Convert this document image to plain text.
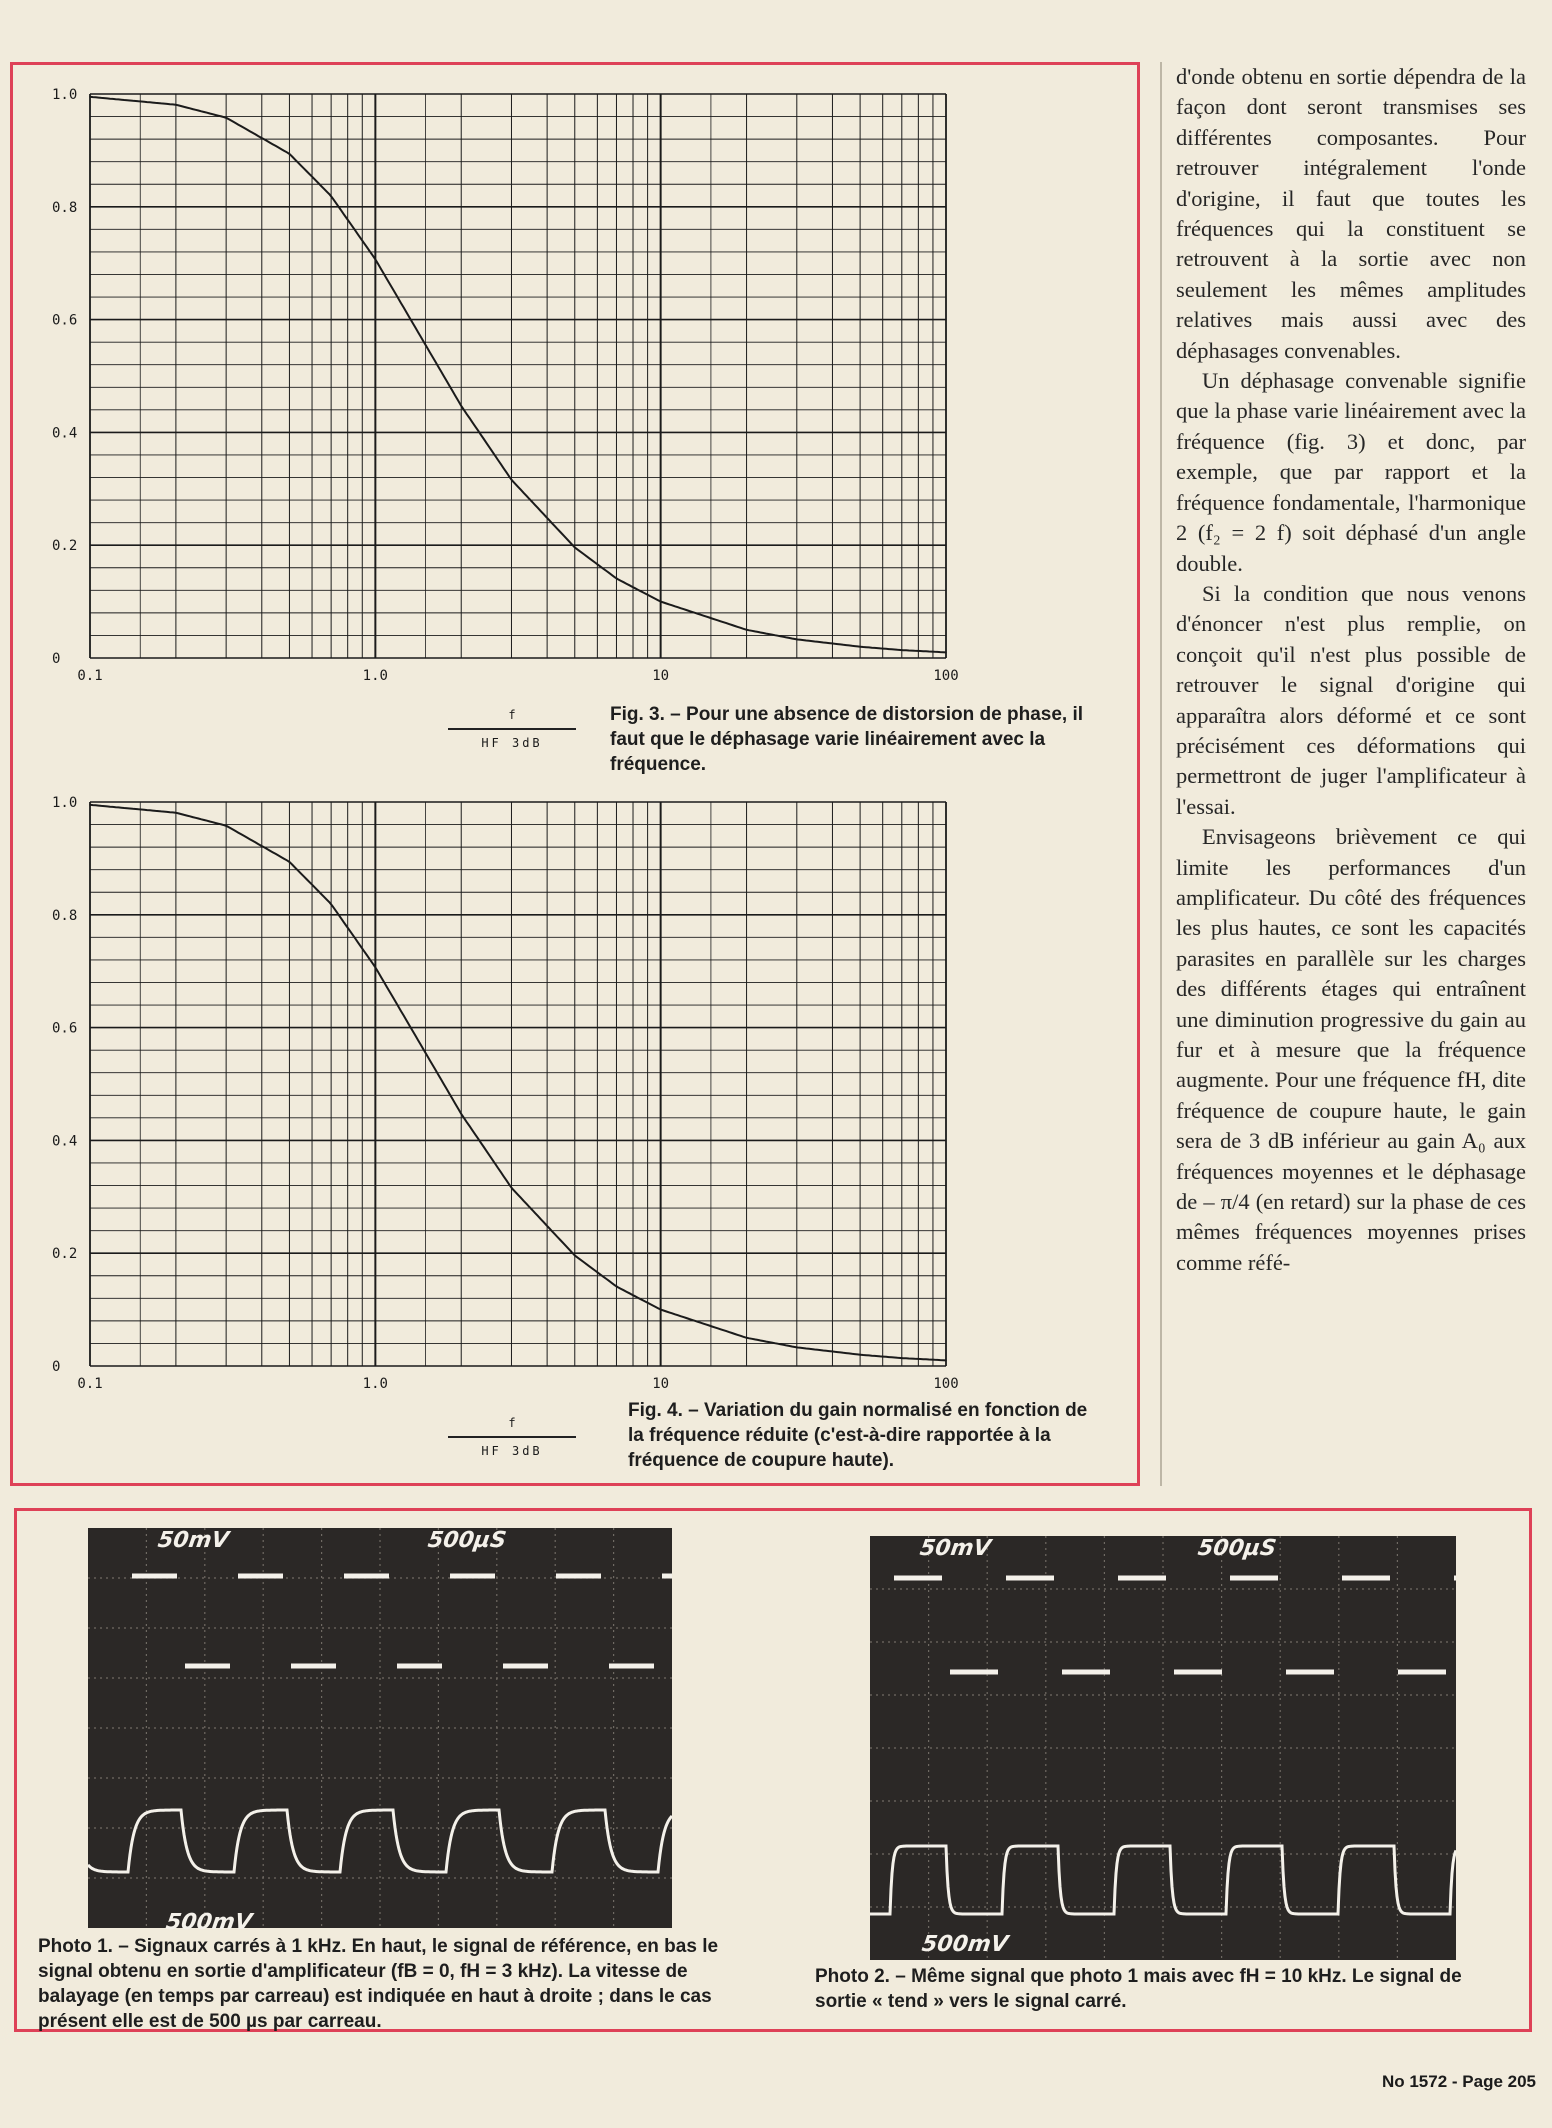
1.0
0.8
0.6
0.4
0.2
0
0.1	1.0	10	100
$\frac{f}{HF 3dB}$ Fig. 3. – Pour une absence de distorsion de phase, il faut que le déphasage varie linéairement avec la fréquence.
1.0
0.8
0.6
0.4
0.2
0
0.1	1.0	10	100
$\frac{f}{HF 3dB}$
Fig. 4. – Variation du gain normalisé en fonction de la fréquence réduite (c'est-à-dire rapportée à la fréquence de coupure haute).

d'onde obtenu en sortie dépendra de la façon dont seront transmises ses différentes composantes. Pour retrouver intégralement l'onde d'origine, il faut que toutes les fréquences qui la constituent se retrouvent à la sortie avec non seulement les mêmes amplitudes relatives mais aussi avec des déphasages convenables.

Un déphasage convenable signifie que la phase varie linéairement avec la fréquence (fig. 3) et donc, par exemple, que par rapport et la fréquence fondamentale, l'harmonique 2 (f₂ = 2 f) soit déphasé d'un angle double.

Si la condition que nous venons d'énoncer n'est plus remplie, on conçoit qu'il n'est plus possible de retrouver le signal d'origine qui apparaîtra alors déformé et ce sont précisément ces déformations qui permettront de juger l'amplificateur à l'essai.

Envisageons brièvement ce qui limite les performances d'un amplificateur. Du côté des fréquences les plus hautes, ce sont les capacités parasites en parallèle sur les charges des différents étages qui entraînent une diminution progressive du gain au fur et à mesure que la fréquence augmente. Pour une fréquence fH, dite fréquence de coupure haute, le gain sera de 3 dB inférieur au gain A₀ aux fréquences moyennes et le déphasage de – π/4 (en retard) sur la phase de ces mêmes fréquences moyennes prises comme réfé-

50mV	500µS
500mV
Photo 1. – Signaux carrés à 1 kHz. En haut, le signal de référence, en bas le signal obtenu en sortie d'amplificateur (fB = 0, fH = 3 kHz). La vitesse de balayage (en temps par carreau) est indiquée en haut à droite ; dans le cas présent elle est de 500 µs par carreau.
50mV	500µS
500mV
Photo 2. – Même signal que photo 1 mais avec fH = 10 kHz. Le signal de sortie « tend » vers le signal carré.
No 1572 - Page 205
